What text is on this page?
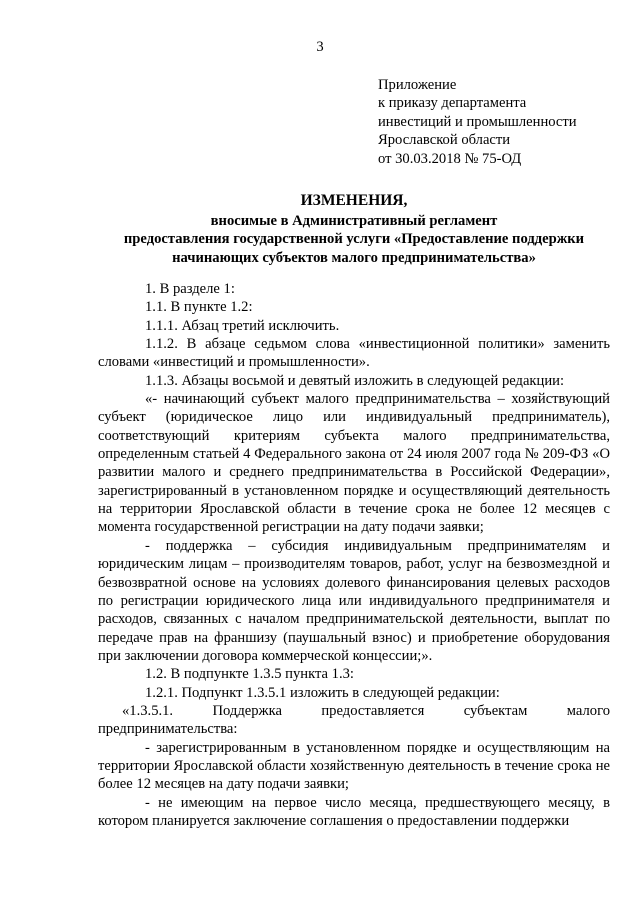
3
Приложение
к приказу департамента
инвестиций и промышленности
Ярославской области
от 30.03.2018 № 75-ОД
ИЗМЕНЕНИЯ,
вносимые в Административный регламент
предоставления государственной услуги «Предоставление поддержки
начинающих субъектов малого предпринимательства»

1. В разделе 1:

1.1. В пункте 1.2:

1.1.1. Абзац третий исключить.

1.1.2. В абзаце седьмом слова «инвестиционной политики» заменить словами «инвестиций и промышленности».

1.1.3. Абзацы восьмой и девятый изложить в следующей редакции:

«- начинающий субъект малого предпринимательства – хозяйствующий субъект (юридическое лицо или индивидуальный предприниматель), соответствующий критериям субъекта малого предпринимательства, определенным статьей 4 Федерального закона от 24 июля 2007 года № 209-ФЗ «О развитии малого и среднего предпринимательства в Российской Федерации», зарегистрированный в установленном порядке и осуществляющий деятельность на территории Ярославской области в течение срока не более 12 месяцев с момента государственной регистрации на дату подачи заявки;

- поддержка – субсидия индивидуальным предпринимателям и юридическим лицам – производителям товаров, работ, услуг на безвозмездной и безвозвратной основе на условиях долевого финансирования целевых расходов по регистрации юридического лица или индивидуального предпринимателя и расходов, связанных с началом предпринимательской деятельности, выплат по передаче прав на франшизу (паушальный взнос) и приобретение оборудования при заключении договора коммерческой концессии;».

1.2. В подпункте 1.3.5 пункта 1.3:

1.2.1. Подпункт 1.3.5.1 изложить в следующей редакции:

«1.3.5.1. Поддержка предоставляется субъектам малого предпринимательства:

- зарегистрированным в установленном порядке и осуществляющим на территории Ярославской области хозяйственную деятельность в течение срока не более 12 месяцев на дату подачи заявки;

- не имеющим на первое число месяца, предшествующего месяцу, в котором планируется заключение соглашения о предоставлении поддержки
